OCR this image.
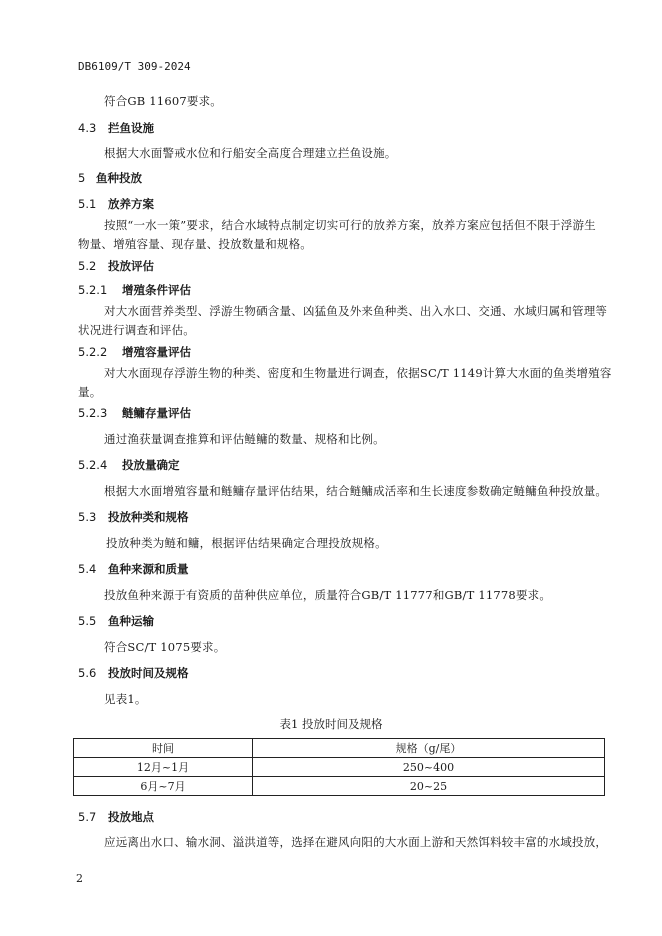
DB6109/T 309-2024
符合GB 11607要求。
4.3 拦鱼设施
根据大水面警戒水位和行船安全高度合理建立拦鱼设施。
5 鱼种投放
5.1 放养方案
按照“一水一策”要求，结合水域特点制定切实可行的放养方案，放养方案应包括但不限于浮游生
物量、增殖容量、现存量、投放数量和规格。
5.2 投放评估
5.2.1 增殖条件评估
对大水面营养类型、浮游生物硒含量、凶猛鱼及外来鱼种类、出入水口、交通、水域归属和管理等
状况进行调查和评估。
5.2.2 增殖容量评估
对大水面现存浮游生物的种类、密度和生物量进行调查，依据SC/T 1149计算大水面的鱼类增殖容
量。
5.2.3 鲢鳙存量评估
通过渔获量调查推算和评估鲢鳙的数量、规格和比例。
5.2.4 投放量确定
根据大水面增殖容量和鲢鳙存量评估结果，结合鲢鳙成活率和生长速度参数确定鲢鳙鱼种投放量。
5.3 投放种类和规格
投放种类为鲢和鳙，根据评估结果确定合理投放规格。
5.4 鱼种来源和质量
投放鱼种来源于有资质的苗种供应单位，质量符合GB/T 11777和GB/T 11778要求。
5.5 鱼种运输
符合SC/T 1075要求。
5.6 投放时间及规格
见表1。
表1 投放时间及规格
时间	规格（g/尾）
12月~1月	250~400
6月~7月	20~25
5.7 投放地点
应远离出水口、输水洞、溢洪道等，选择在避风向阳的大水面上游和天然饵料较丰富的水域投放，
2
